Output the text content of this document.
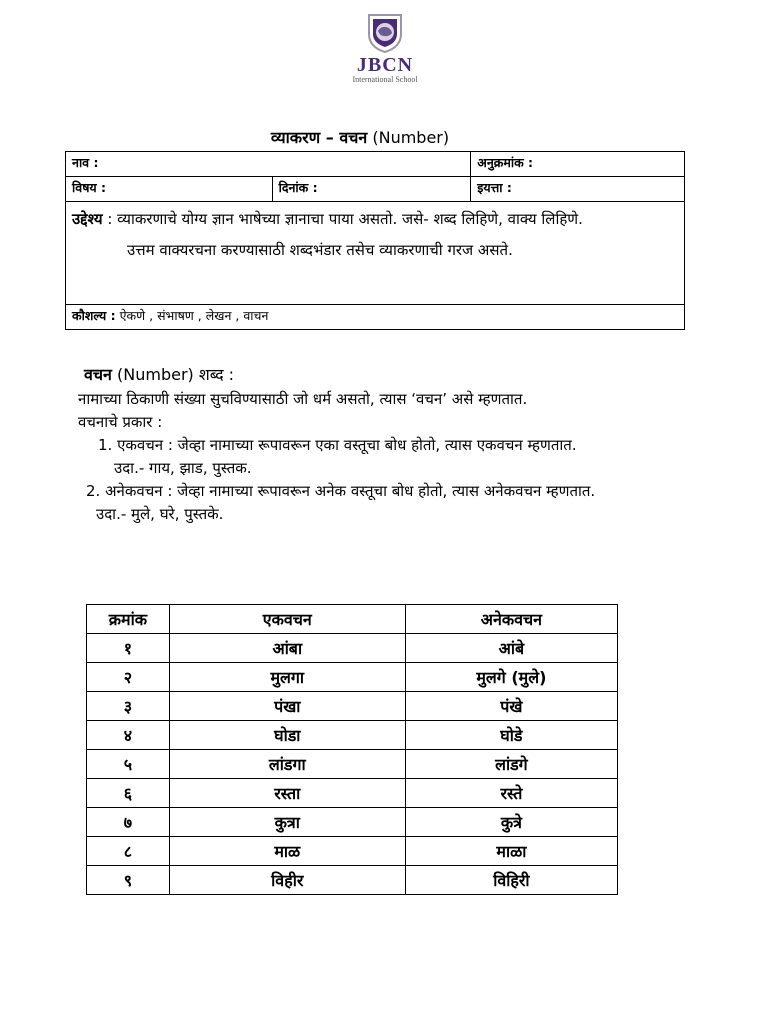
JBCN
International School
व्याकरण – वचन (Number)
नाव :		अनुक्रमांक :
विषय :	दिनांक :	इयत्ता :
उद्देश्य : व्याकरणाचे योग्य ज्ञान भाषेच्या ज्ञानाचा पाया असतो. जसे- शब्द लिहिणे, वाक्य लिहिणे.
उत्तम वाक्यरचना करण्यासाठी शब्दभंडार तसेच व्याकरणाची गरज असते.		

कौशल्य : ऐकणे , संभाषण , लेखन , वाचन		

वचन (Number) शब्द :

नामाच्या ठिकाणी संख्या सुचविण्यासाठी जो धर्म असतो, त्यास ‘वचन’ असे म्हणतात.

वचनाचे प्रकार :

1. एकवचन : जेव्हा नामाच्या रूपावरून एका वस्तूचा बोध होतो, त्यास एकवचन म्हणतात.

उदा.- गाय, झाड, पुस्तक.

2. अनेकवचन : जेव्हा नामाच्या रूपावरून अनेक वस्तूचा बोध होतो, त्यास अनेकवचन म्हणतात.

उदा.- मुले, घरे, पुस्तके.

क्रमांक	एकवचन	अनेकवचन
१	आंबा	आंबे
२	मुलगा	मुलगे (मुले)
३	पंखा	पंखे
४	घोडा	घोडे
५	लांडगा	लांडगे
६	रस्ता	रस्ते
७	कुत्रा	कुत्रे
८	माळ	माळा
९	विहीर	विहिरी
